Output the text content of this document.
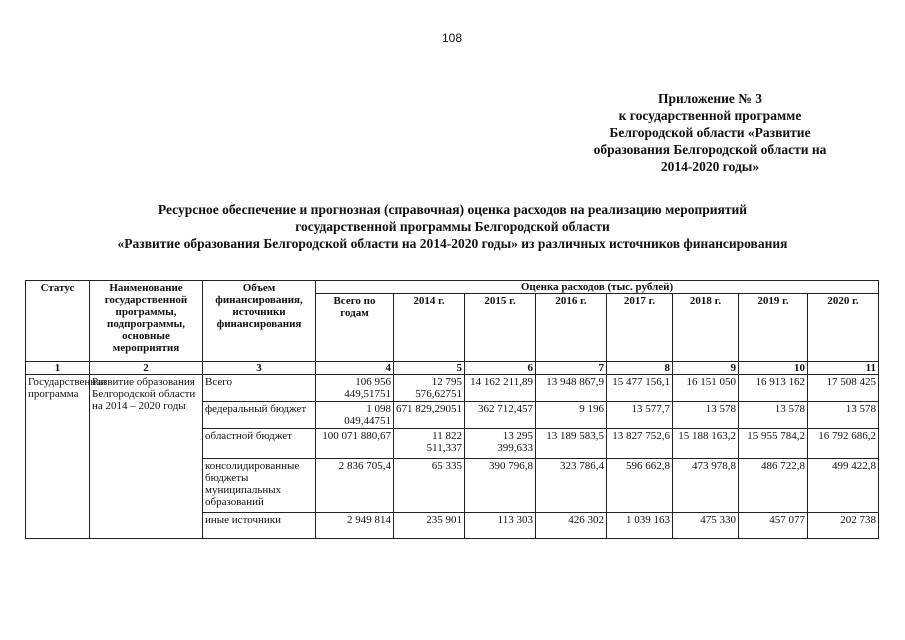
108
Приложение № 3
к государственной программе
Белгородской области «Развитие
образования Белгородской области на
2014-2020 годы»
Ресурсное обеспечение и прогнозная (справочная) оценка расходов на реализацию мероприятий
государственной программы Белгородской области
«Развитие образования Белгородской области на 2014-2020 годы» из различных источников финансирования
Статус	Наименование государственной программы, подпрограммы, основные мероприятия	Объем финансирования, источники финансирования	Оценка расходов (тыс. рублей)							
			Всего по годам	2014 г.	2015 г.	2016 г.	2017 г.	2018 г.	2019 г.	2020 г.
1	2	3	4	5	6	7	8	9	10	11
Государственная программа	Развитие образования Белгородской области на 2014 – 2020 годы	Всего	106 956 449,51751	12 795 576,62751	14 162 211,89	13 948 867,9	15 477 156,1	16 151 050	16 913 162	17 508 425
		федеральный бюджет	1 098 049,44751	671 829,29051	362 712,457	9 196	13 577,7	13 578	13 578	13 578
		областной бюджет	100 071 880,67	11 822 511,337	13 295 399,633	13 189 583,5	13 827 752,6	15 188 163,2	15 955 784,2	16 792 686,2
		консолидированные бюджеты муниципальных образований	2 836 705,4	65 335	390 796,8	323 786,4	596 662,8	473 978,8	486 722,8	499 422,8
		иные источники	2 949 814	235 901	113 303	426 302	1 039 163	475 330	457 077	202 738
